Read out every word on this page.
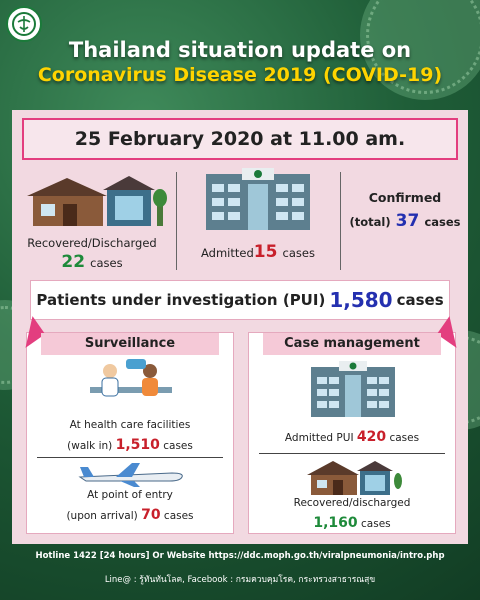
Thailand situation update on
Coronavirus Disease 2019 (COVID-19)
25 February 2020 at 11.00 am.
Recovered/Discharged
22 cases
Admitted15 cases
Confirmed
(total) 37 cases
Patients under investigation (PUI) 1,580 cases
Surveillance
At health care facilities
(walk in) 1,510 cases
At point of entry
(upon arrival) 70 cases
Case management
Admitted PUI 420 cases
Recovered/discharged
1,160 cases
Hotline 1422 [24 hours] Or Website https://ddc.moph.go.th/viralpneumonia/intro.php
Line@ : รู้ทันทันโลค, Facebook : กรมควบคุมโรค, กระทรวงสาธารณสุข
